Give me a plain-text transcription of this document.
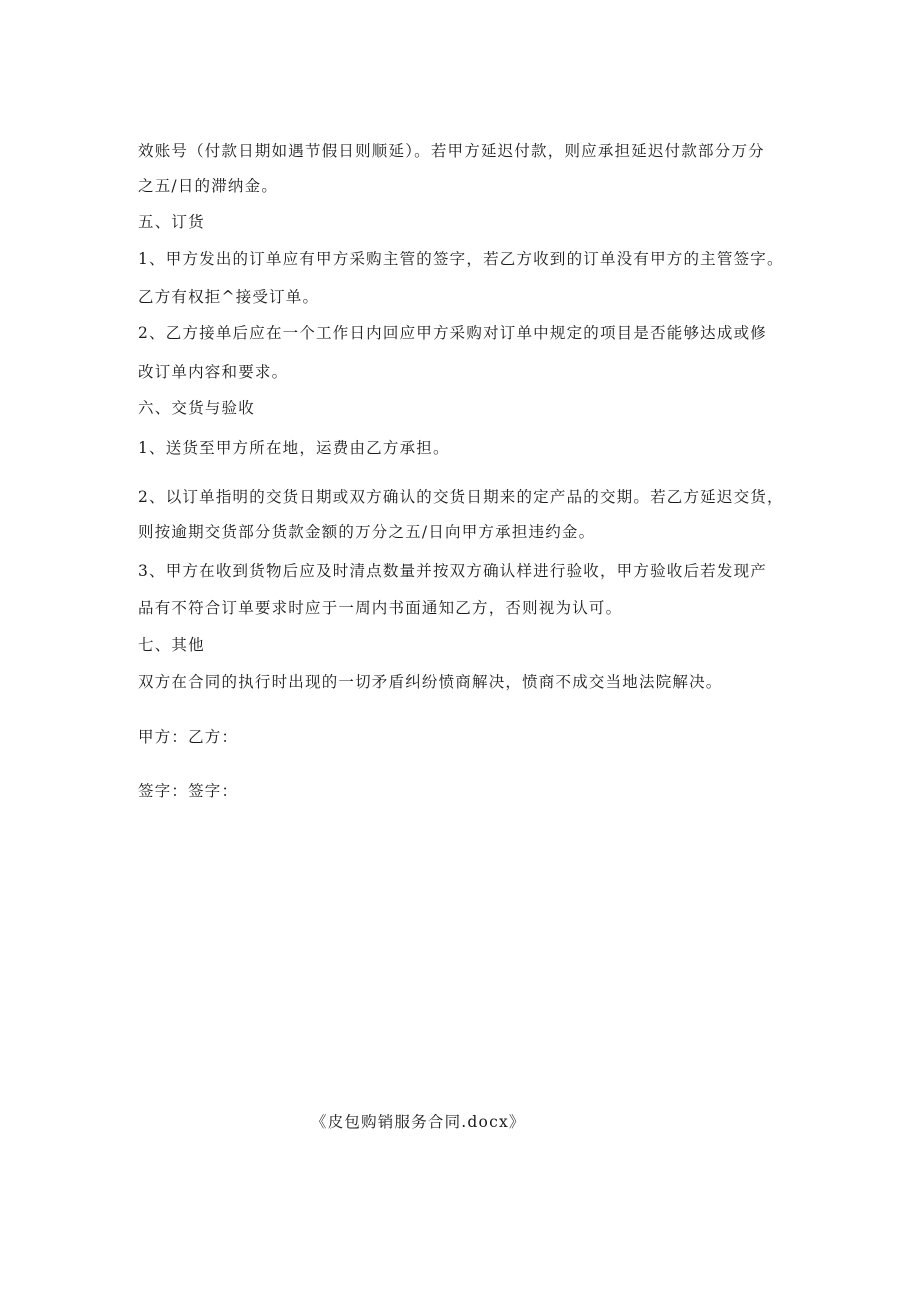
效账号（付款日期如遇节假日则顺延）。若甲方延迟付款，则应承担延迟付款部分万分
之五/日的滞纳金。
五、订货
1、甲方发出的订单应有甲方采购主管的签字，若乙方收到的订单没有甲方的主管签字。
乙方有权拒^接受订单。
2、乙方接单后应在一个工作日内回应甲方采购对订单中规定的项目是否能够达成或修
改订单内容和要求。
六、交货与验收
1、送货至甲方所在地，运费由乙方承担。
2、以订单指明的交货日期或双方确认的交货日期来的定产品的交期。若乙方延迟交货，
则按逾期交货部分货款金额的万分之五/日向甲方承担违约金。
3、甲方在收到货物后应及时清点数量并按双方确认样进行验收，甲方验收后若发现产
品有不符合订单要求时应于一周内书面通知乙方，否则视为认可。
七、其他
双方在合同的执行时出现的一切矛盾纠纷愤商解决，愤商不成交当地法院解决。
甲方：乙方：
签字：签字：
《皮包购销服务合同.docx》
